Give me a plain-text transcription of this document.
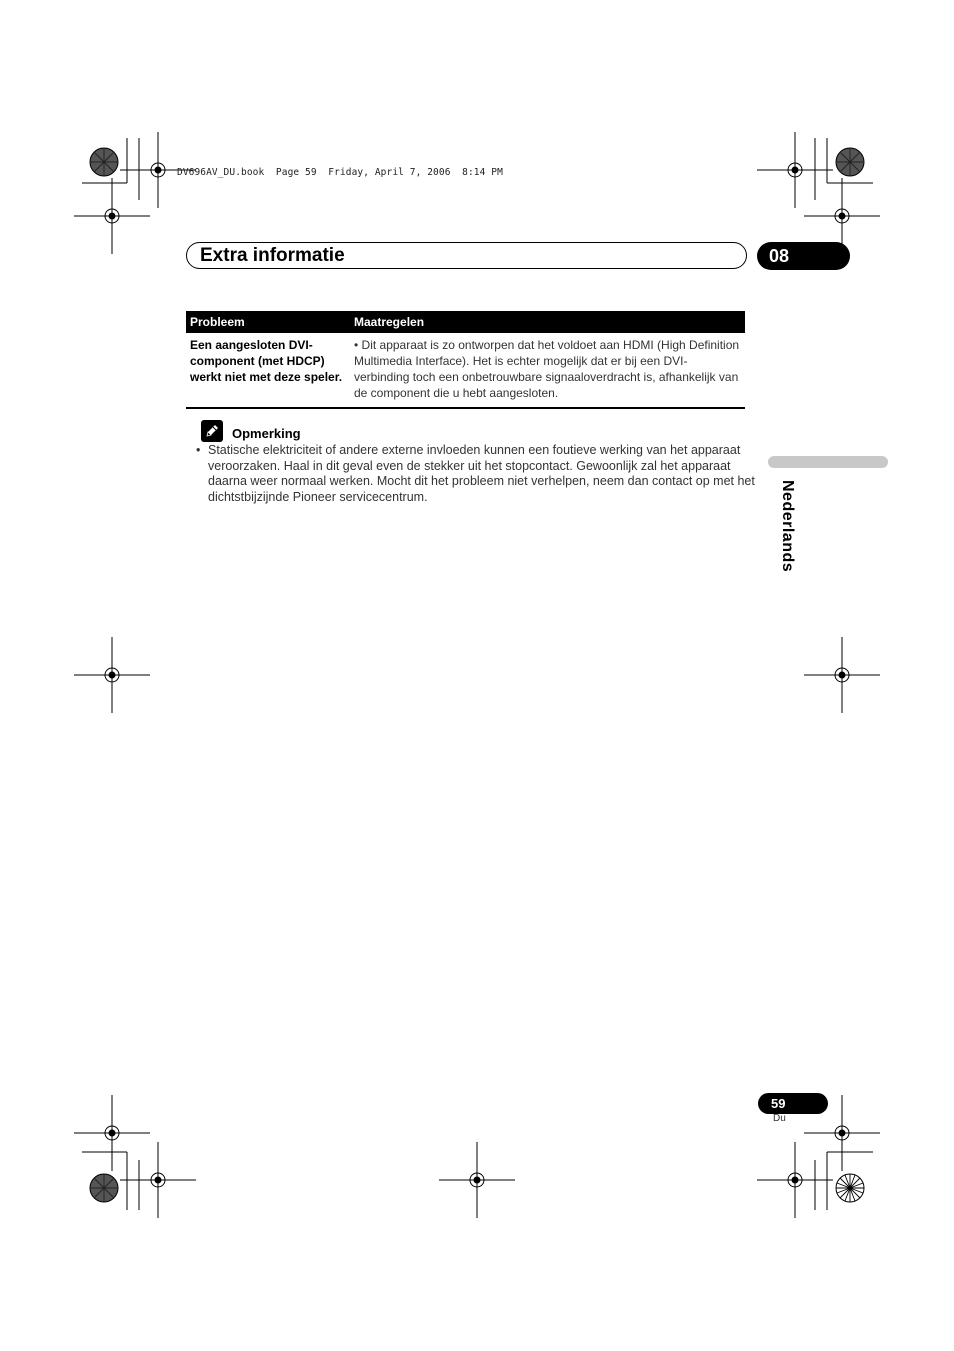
DV696AV_DU.book  Page 59  Friday, April 7, 2006  8:14 PM
Extra informatie	08
Probleem	Maatregelen
Een aangesloten DVI-component (met HDCP) werkt niet met deze speler.	• Dit apparaat is zo ontworpen dat het voldoet aan HDMI (High Definition Multimedia Interface). Het is echter mogelijk dat er bij een DVI-verbinding toch een onbetrouwbare signaaloverdracht is, afhankelijk van de component die u hebt aangesloten.
Opmerking
• Statische elektriciteit of andere externe invloeden kunnen een foutieve werking van het apparaat veroorzaken. Haal in dit geval even de stekker uit het stopcontact. Gewoonlijk zal het apparaat daarna weer normaal werken. Mocht dit het probleem niet verhelpen, neem dan contact op met het dichtstbijzijnde Pioneer servicecentrum.	Nederlands
59
Du
